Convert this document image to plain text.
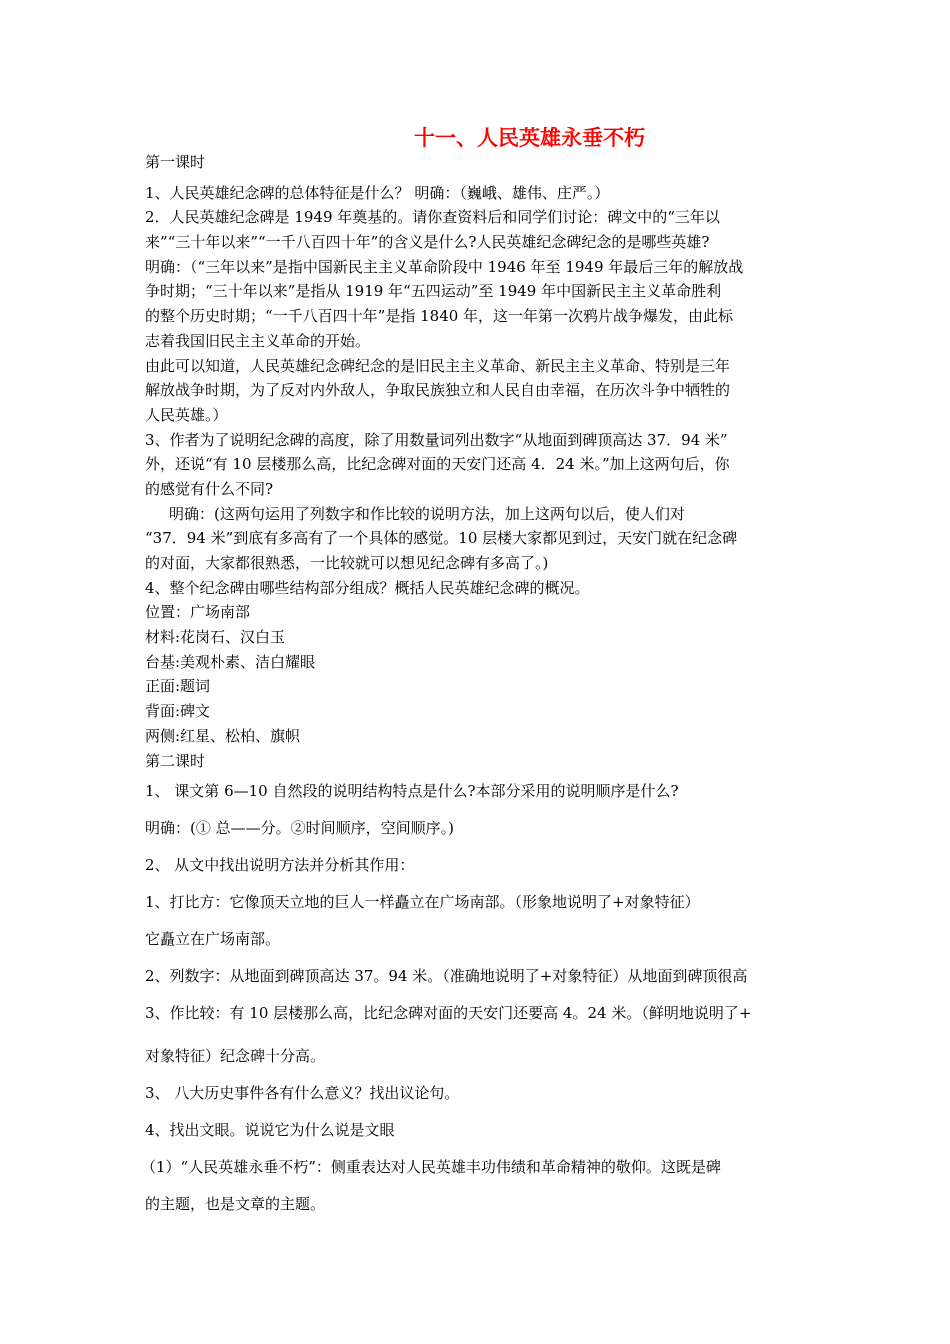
十一、人民英雄永垂不朽
第一课时
1、人民英雄纪念碑的总体特征是什么？ 明确：（巍峨、雄伟、庄严。）
2．人民英雄纪念碑是 1949 年奠基的。请你查资料后和同学们讨论：碑文中的“三年以
来”“三十年以来”“一千八百四十年”的含义是什么?人民英雄纪念碑纪念的是哪些英雄?
明确：（“三年以来”是指中国新民主主义革命阶段中 1946 年至 1949 年最后三年的解放战
争时期；“三十年以来”是指从 1919 年“五四运动”至 1949 年中国新民主主义革命胜利
的整个历史时期；“一千八百四十年”是指 1840 年，这一年第一次鸦片战争爆发，由此标
志着我国旧民主主义革命的开始。
由此可以知道，人民英雄纪念碑纪念的是旧民主主义革命、新民主主义革命、特别是三年
解放战争时期，为了反对内外敌人，争取民族独立和人民自由幸福，在历次斗争中牺牲的
人民英雄。）
3、作者为了说明纪念碑的高度，除了用数量词列出数字“从地面到碑顶高达 37．94 米”
外，还说“有 10 层楼那么高，比纪念碑对面的天安门还高 4．24 米。”加上这两句后，你
的感觉有什么不同?
明确：(这两句运用了列数字和作比较的说明方法，加上这两句以后，使人们对
“37．94 米”到底有多高有了一个具体的感觉。10 层楼大家都见到过，天安门就在纪念碑
的对面，大家都很熟悉，一比较就可以想见纪念碑有多高了。)
4、整个纪念碑由哪些结构部分组成？概括人民英雄纪念碑的概况。
位置：广场南部
材料:花岗石、汉白玉
台基:美观朴素、洁白耀眼
正面:题词
背面:碑文
两侧:红星、松柏、旗帜
第二课时
1、 课文第 6—10 自然段的说明结构特点是什么?本部分采用的说明顺序是什么?
明确：(① 总——分。②时间顺序，空间顺序。)
2、 从文中找出说明方法并分析其作用：
1、打比方：它像顶天立地的巨人一样矗立在广场南部。（形象地说明了+对象特征）
它矗立在广场南部。
2、列数字：从地面到碑顶高达 37。94 米。（准确地说明了+对象特征）从地面到碑顶很高
3、作比较：有 10 层楼那么高，比纪念碑对面的天安门还要高 4。24 米。（鲜明地说明了+
对象特征）纪念碑十分高。
3、 八大历史事件各有什么意义？找出议论句。
4、找出文眼。说说它为什么说是文眼
（1）“人民英雄永垂不朽”：侧重表达对人民英雄丰功伟绩和革命精神的敬仰。这既是碑
的主题，也是文章的主题。
